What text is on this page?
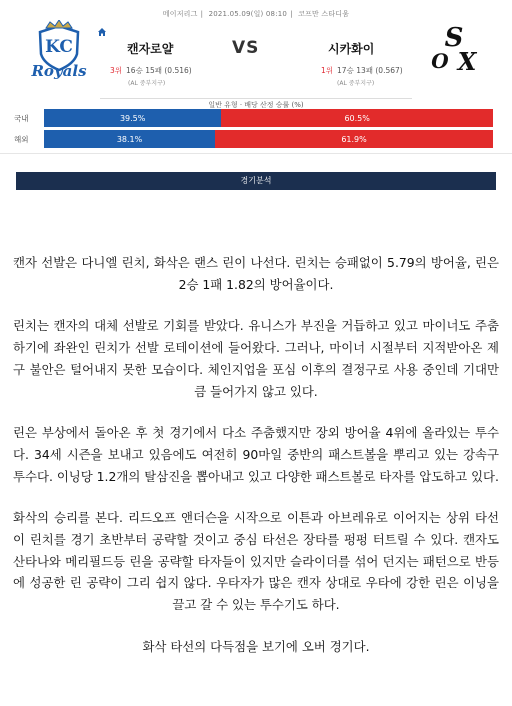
메이저리그 | 2021.05.09(일) 08:10 | 코프만 스타디움
KC
Royals
캔자로얄	VS	시카화이
3위 16승 15패 (0.516)
(AL 중부지구)
1위 17승 13패 (0.567)
(AL 중부지구)
S
O X
일반 유형 · 배당 산정 승률 (%)
국내	39.5%	60.5%
해외	38.1%	61.9%
경기분석

캔자 선발은 다니엘 린치, 화삭은 랜스 린이 나선다. 린치는 승패없이 5.79의 방어율, 린은 2승 1패 1.82의 방어율이다.

린치는 캔자의 대체 선발로 기회를 받았다. 유니스가 부진을 거듭하고 있고 마이너도 주춤하기에 좌완인 린치가 선발 로테이션에 들어왔다. 그러나, 마이너 시절부터 지적받아온 제구 불안은 털어내지 못한 모습이다. 체인지업을 포심 이후의 결정구로 사용 중인데 기대만큼 들어가지 않고 있다.

린은 부상에서 돌아온 후 첫 경기에서 다소 주춤했지만 장외 방어율 4위에 올라있는 투수다. 34세 시즌을 보내고 있음에도 여전히 90마일 중반의 패스트볼을 뿌리고 있는 강속구 투수다. 이닝당 1.2개의 탈삼진을 뽑아내고 있고 다양한 패스트볼로 타자를 압도하고 있다.

화삭의 승리를 본다. 리드오프 앤더슨을 시작으로 이튼과 아브레유로 이어지는 상위 타선이 린치를 경기 초반부터 공략할 것이고 중심 타선은 장타를 펑펑 터트릴 수 있다. 캔자도 산타나와 메리필드등 린을 공략할 타자들이 있지만 슬라이더를 섞어 던지는 패턴으로 반등에 성공한 린 공략이 그리 쉽지 않다. 우타자가 많은 캔자 상대로 우타에 강한 린은 이닝을 끌고 갈 수 있는 투수기도 하다.

화삭 타선의 다득점을 보기에 오버 경기다.
